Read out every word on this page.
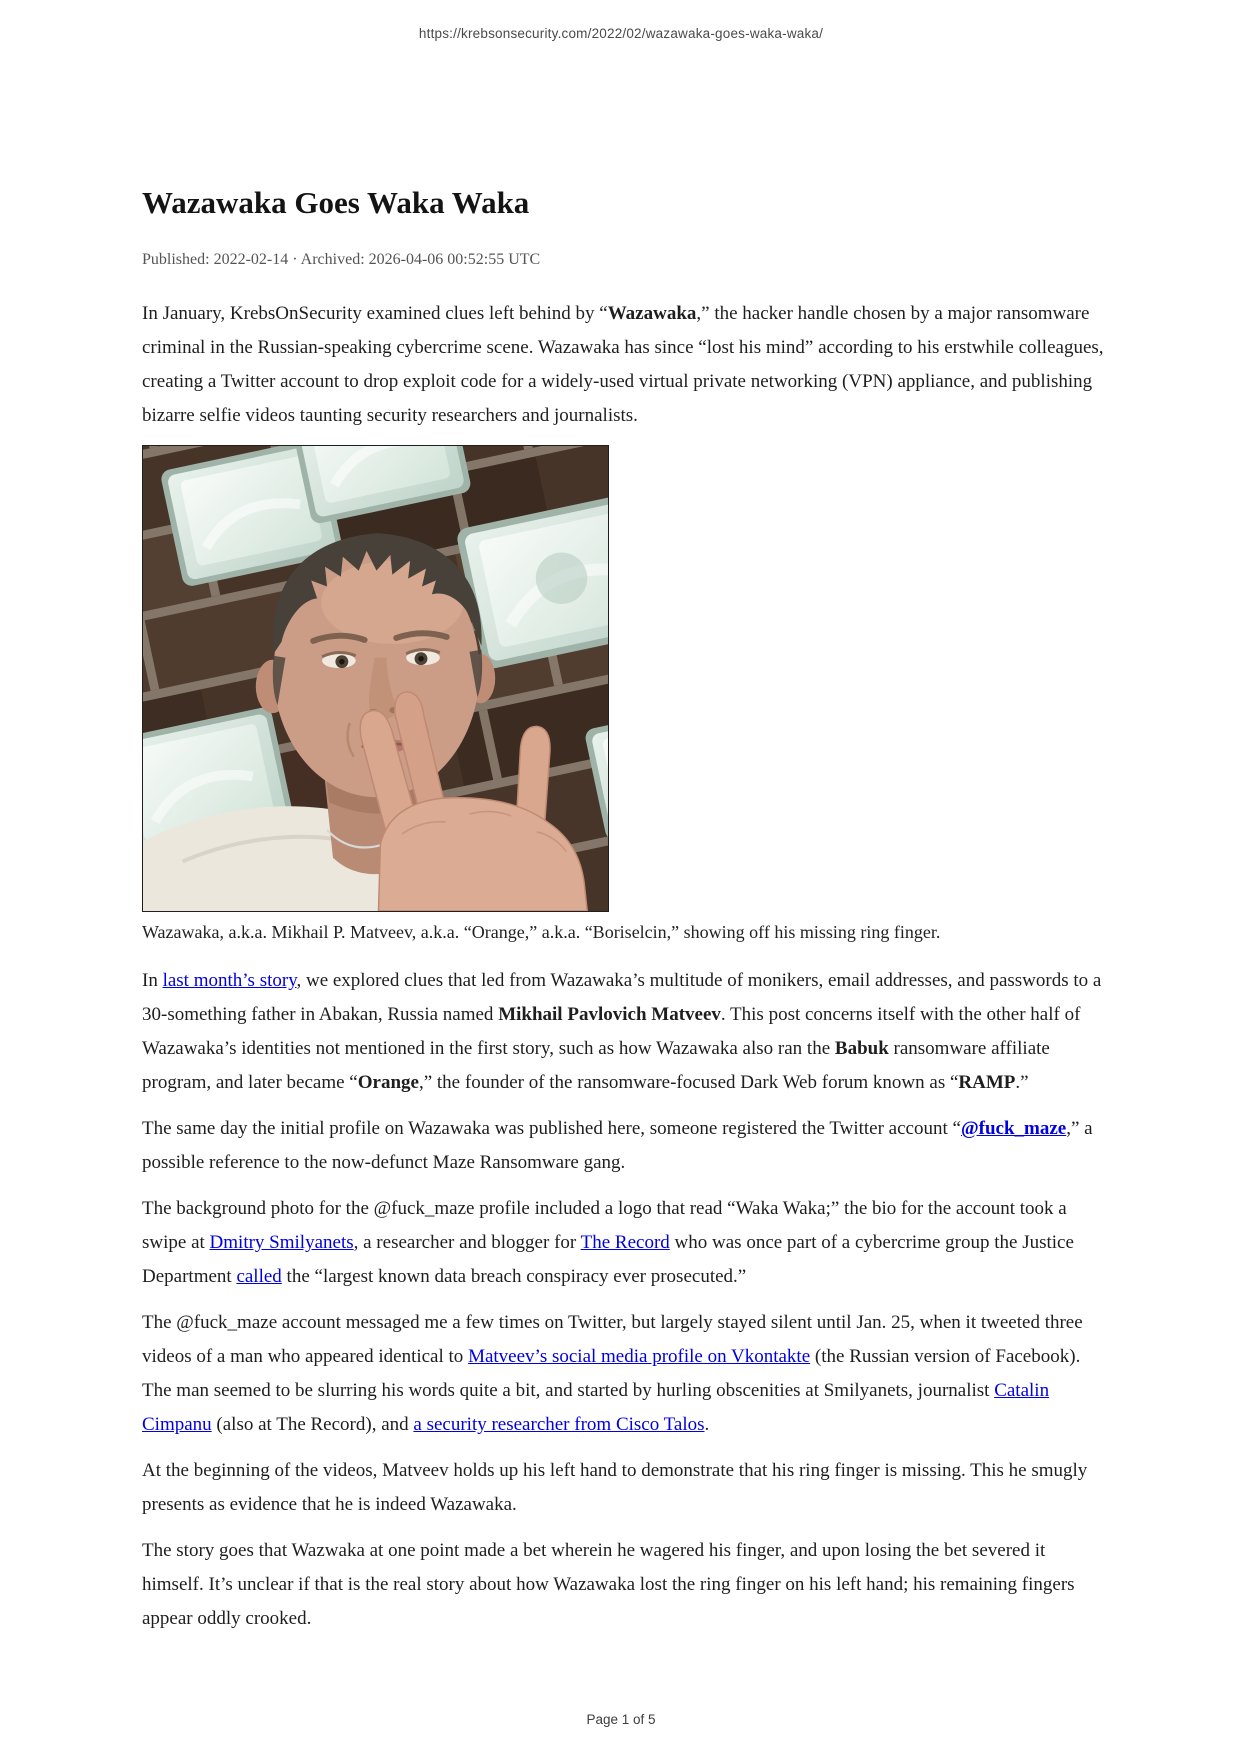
https://krebsonsecurity.com/2022/02/wazawaka-goes-waka-waka/
Wazawaka Goes Waka Waka
Published: 2022-02-14 · Archived: 2026-04-06 00:52:55 UTC

In January, KrebsOnSecurity examined clues left behind by “Wazawaka,” the hacker handle chosen by a major ransomware criminal in the Russian-speaking cybercrime scene. Wazawaka has since “lost his mind” according to his erstwhile colleagues, creating a Twitter account to drop exploit code for a widely-used virtual private networking (VPN) appliance, and publishing bizarre selfie videos taunting security researchers and journalists.

Wazawaka, a.k.a. Mikhail P. Matveev, a.k.a. “Orange,” a.k.a. “Boriselcin,” showing off his missing ring finger.

In last month’s story, we explored clues that led from Wazawaka’s multitude of monikers, email addresses, and passwords to a 30-something father in Abakan, Russia named Mikhail Pavlovich Matveev. This post concerns itself with the other half of Wazawaka’s identities not mentioned in the first story, such as how Wazawaka also ran the Babuk ransomware affiliate program, and later became “Orange,” the founder of the ransomware-focused Dark Web forum known as “RAMP.”

The same day the initial profile on Wazawaka was published here, someone registered the Twitter account “@fuck_maze,” a possible reference to the now-defunct Maze Ransomware gang.

The background photo for the @fuck_maze profile included a logo that read “Waka Waka;” the bio for the account took a swipe at Dmitry Smilyanets, a researcher and blogger for The Record who was once part of a cybercrime group the Justice Department called the “largest known data breach conspiracy ever prosecuted.”

The @fuck_maze account messaged me a few times on Twitter, but largely stayed silent until Jan. 25, when it tweeted three videos of a man who appeared identical to Matveev’s social media profile on Vkontakte (the Russian version of Facebook). The man seemed to be slurring his words quite a bit, and started by hurling obscenities at Smilyanets, journalist Catalin Cimpanu (also at The Record), and a security researcher from Cisco Talos.

At the beginning of the videos, Matveev holds up his left hand to demonstrate that his ring finger is missing. This he smugly presents as evidence that he is indeed Wazawaka.

The story goes that Wazwaka at one point made a bet wherein he wagered his finger, and upon losing the bet severed it himself. It’s unclear if that is the real story about how Wazawaka lost the ring finger on his left hand; his remaining fingers appear oddly crooked.

Page 1 of 5
